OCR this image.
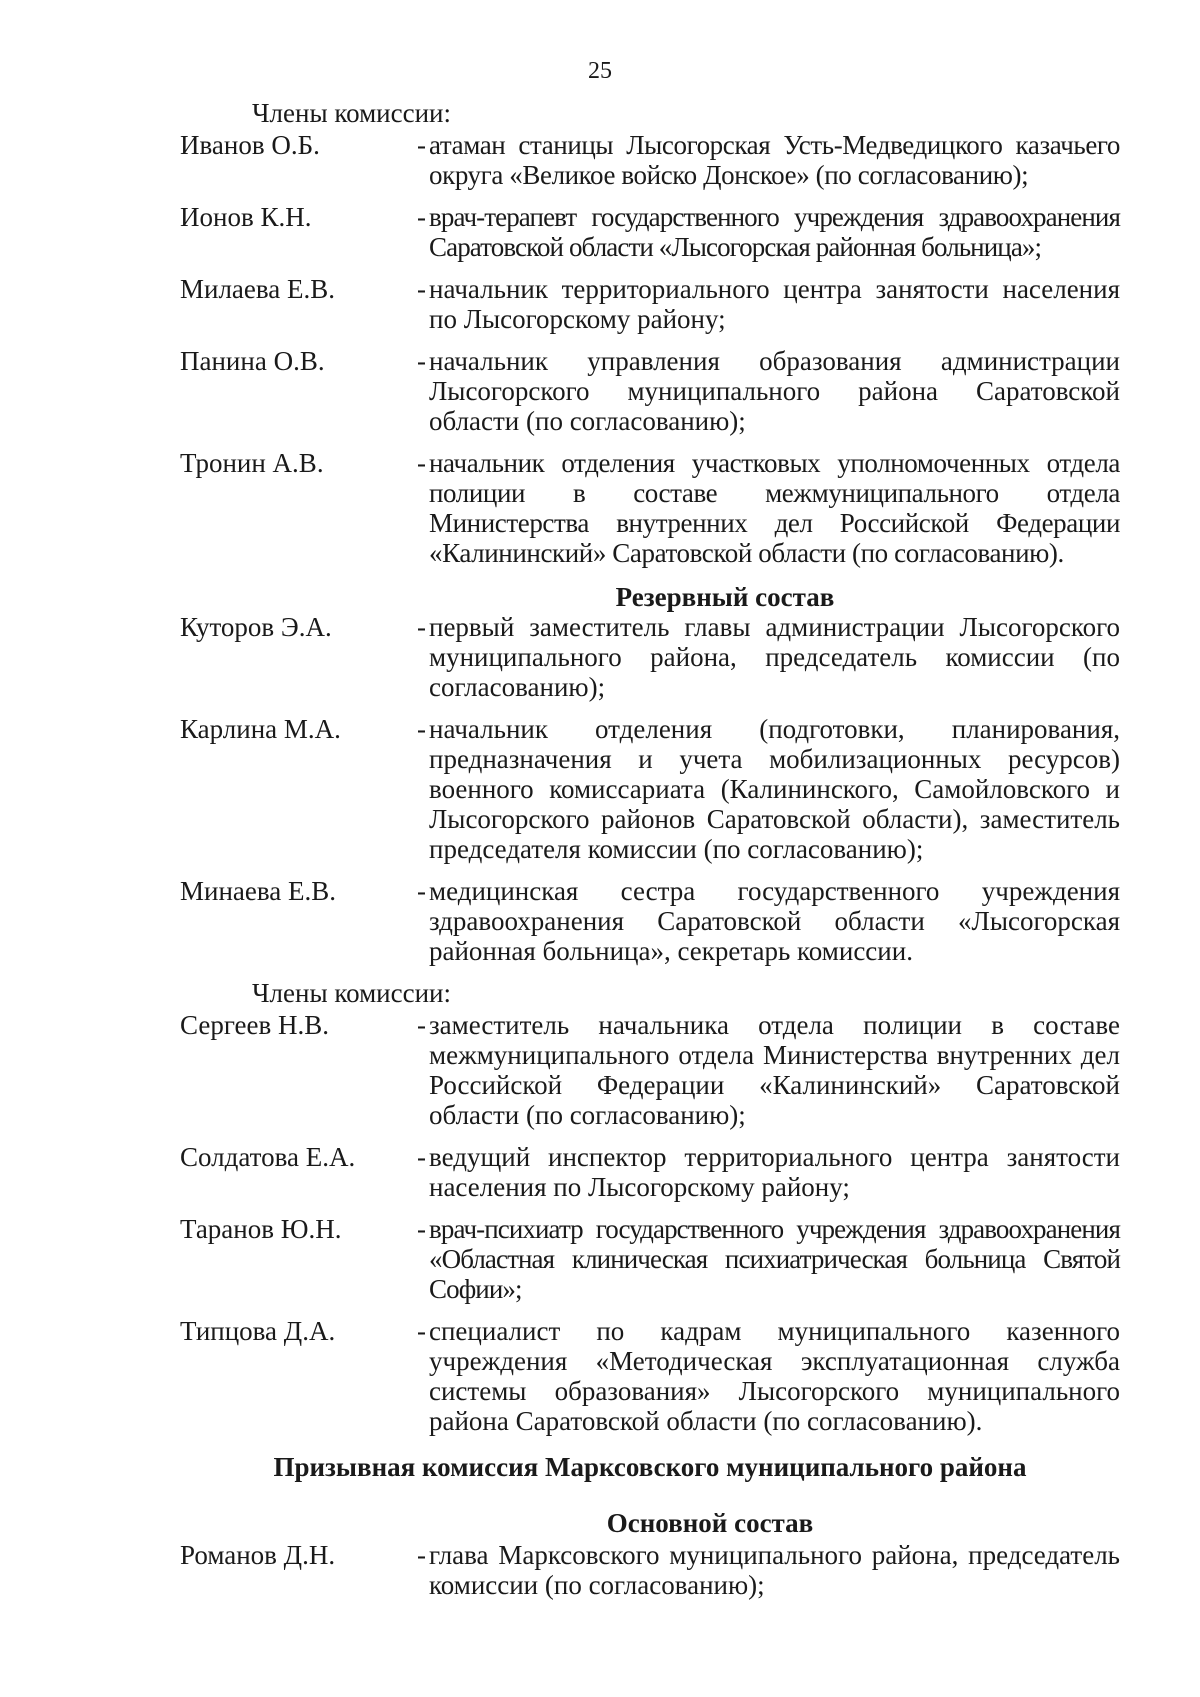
25
Члены комиссии:
Иванов О.Б.	- атаман станицы Лысогорская Усть-Медведицкого казачьего округа «Великое войско Донское» (по согласованию);
Ионов К.Н.	- врач-терапевт государственного учреждения здравоохранения Саратовской области «Лысогорская районная больница»;
Милаева Е.В.	- начальник территориального центра занятости населения по Лысогорскому району;
Панина О.В.	- начальник управления образования администрации Лысогорского муниципального района Саратовской области (по согласованию);
Тронин А.В.	- начальник отделения участковых уполномоченных отдела полиции в составе межмуниципального отдела Министерства внутренних дел Российской Федерации «Калининский» Саратовской области (по согласованию).
Резервный состав
Куторов Э.А.	- первый заместитель главы администрации Лысогорского муниципального района, председатель комиссии (по согласованию);
Карлина М.А.	- начальник отделения (подготовки, планирования, предназначения и учета мобилизационных ресурсов) военного комиссариата (Калининского, Самойловского и Лысогорского районов Саратовской области), заместитель председателя комиссии (по согласованию);
Минаева Е.В.	- медицинская сестра государственного учреждения здравоохранения Саратовской области «Лысогорская районная больница», секретарь комиссии.
Члены комиссии:
Сергеев Н.В.	- заместитель начальника отдела полиции в составе межмуниципального отдела Министерства внутренних дел Российской Федерации «Калининский» Саратовской области (по согласованию);
Солдатова Е.А.	- ведущий инспектор территориального центра занятости населения по Лысогорскому району;
Таранов Ю.Н.	- врач-психиатр государственного учреждения здравоохранения «Областная клиническая психиатрическая больница Святой Софии»;
Типцова Д.А.	- специалист по кадрам муниципального казенного учреждения «Методическая эксплуатационная служба системы образования» Лысогорского муниципального района Саратовской области (по согласованию).
Призывная комиссия Марксовского муниципального района
Основной состав
Романов Д.Н.	- глава Марксовского муниципального района, председатель комиссии (по согласованию);
